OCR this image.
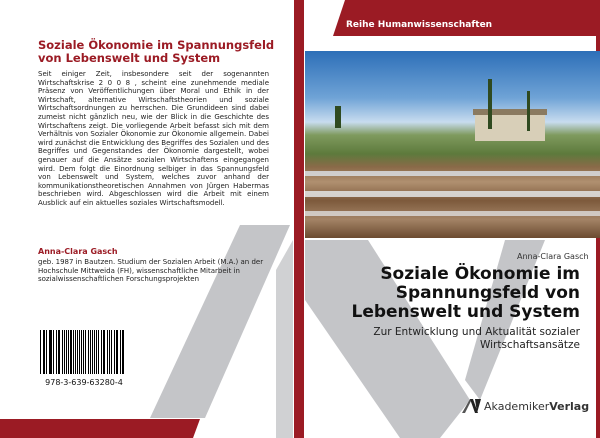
Soziale Ökonomie im Spannungsfeld von Lebenswelt und System
Seit einiger Zeit, insbesondere seit der sogenannten Wirtschaftskrise 2 0 0 8 , scheint eine zunehmende mediale Präsenz von Veröffentlichungen über Moral und Ethik in der Wirtschaft, alternative Wirtschaftstheorien und soziale Wirtschaftsordnungen zu herrschen. Die Grundideen sind dabei zumeist nicht gänzlich neu, wie der Blick in die Geschichte des Wirtschaftens zeigt. Die vorliegende Arbeit befasst sich mit dem Verhältnis von Sozialer Ökonomie zur Ökonomie allgemein. Dabei wird zunächst die Entwicklung des Begriffes des Sozialen und des Begriffes und Gegenstandes der Ökonomie dargestellt, wobei genauer auf die Ansätze sozialen Wirtschaftens eingegangen wird. Dem folgt die Einordnung selbiger in das Spannungsfeld von Lebenswelt und System, welches zuvor anhand der kommunikationstheoretischen Annahmen von Jürgen Habermas beschrieben wird. Abgeschlossen wird die Arbeit mit einem Ausblick auf ein aktuelles soziales Wirtschaftsmodell.
Anna-Clara Gasch
geb. 1987 in Bautzen. Studium der Sozialen Arbeit (M.A.) an der Hochschule Mittweida (FH), wissenschaftliche Mitarbeit in sozialwissenschaftlichen Forschungsprojekten
978-3-639-63280-4
Reihe Humanwissenschaften
Anna-Clara Gasch
Soziale Ökonomie im Spannungsfeld von Lebenswelt und System
Zur Entwicklung und Aktualität sozialer Wirtschaftsansätze
AkademikerVerlag
